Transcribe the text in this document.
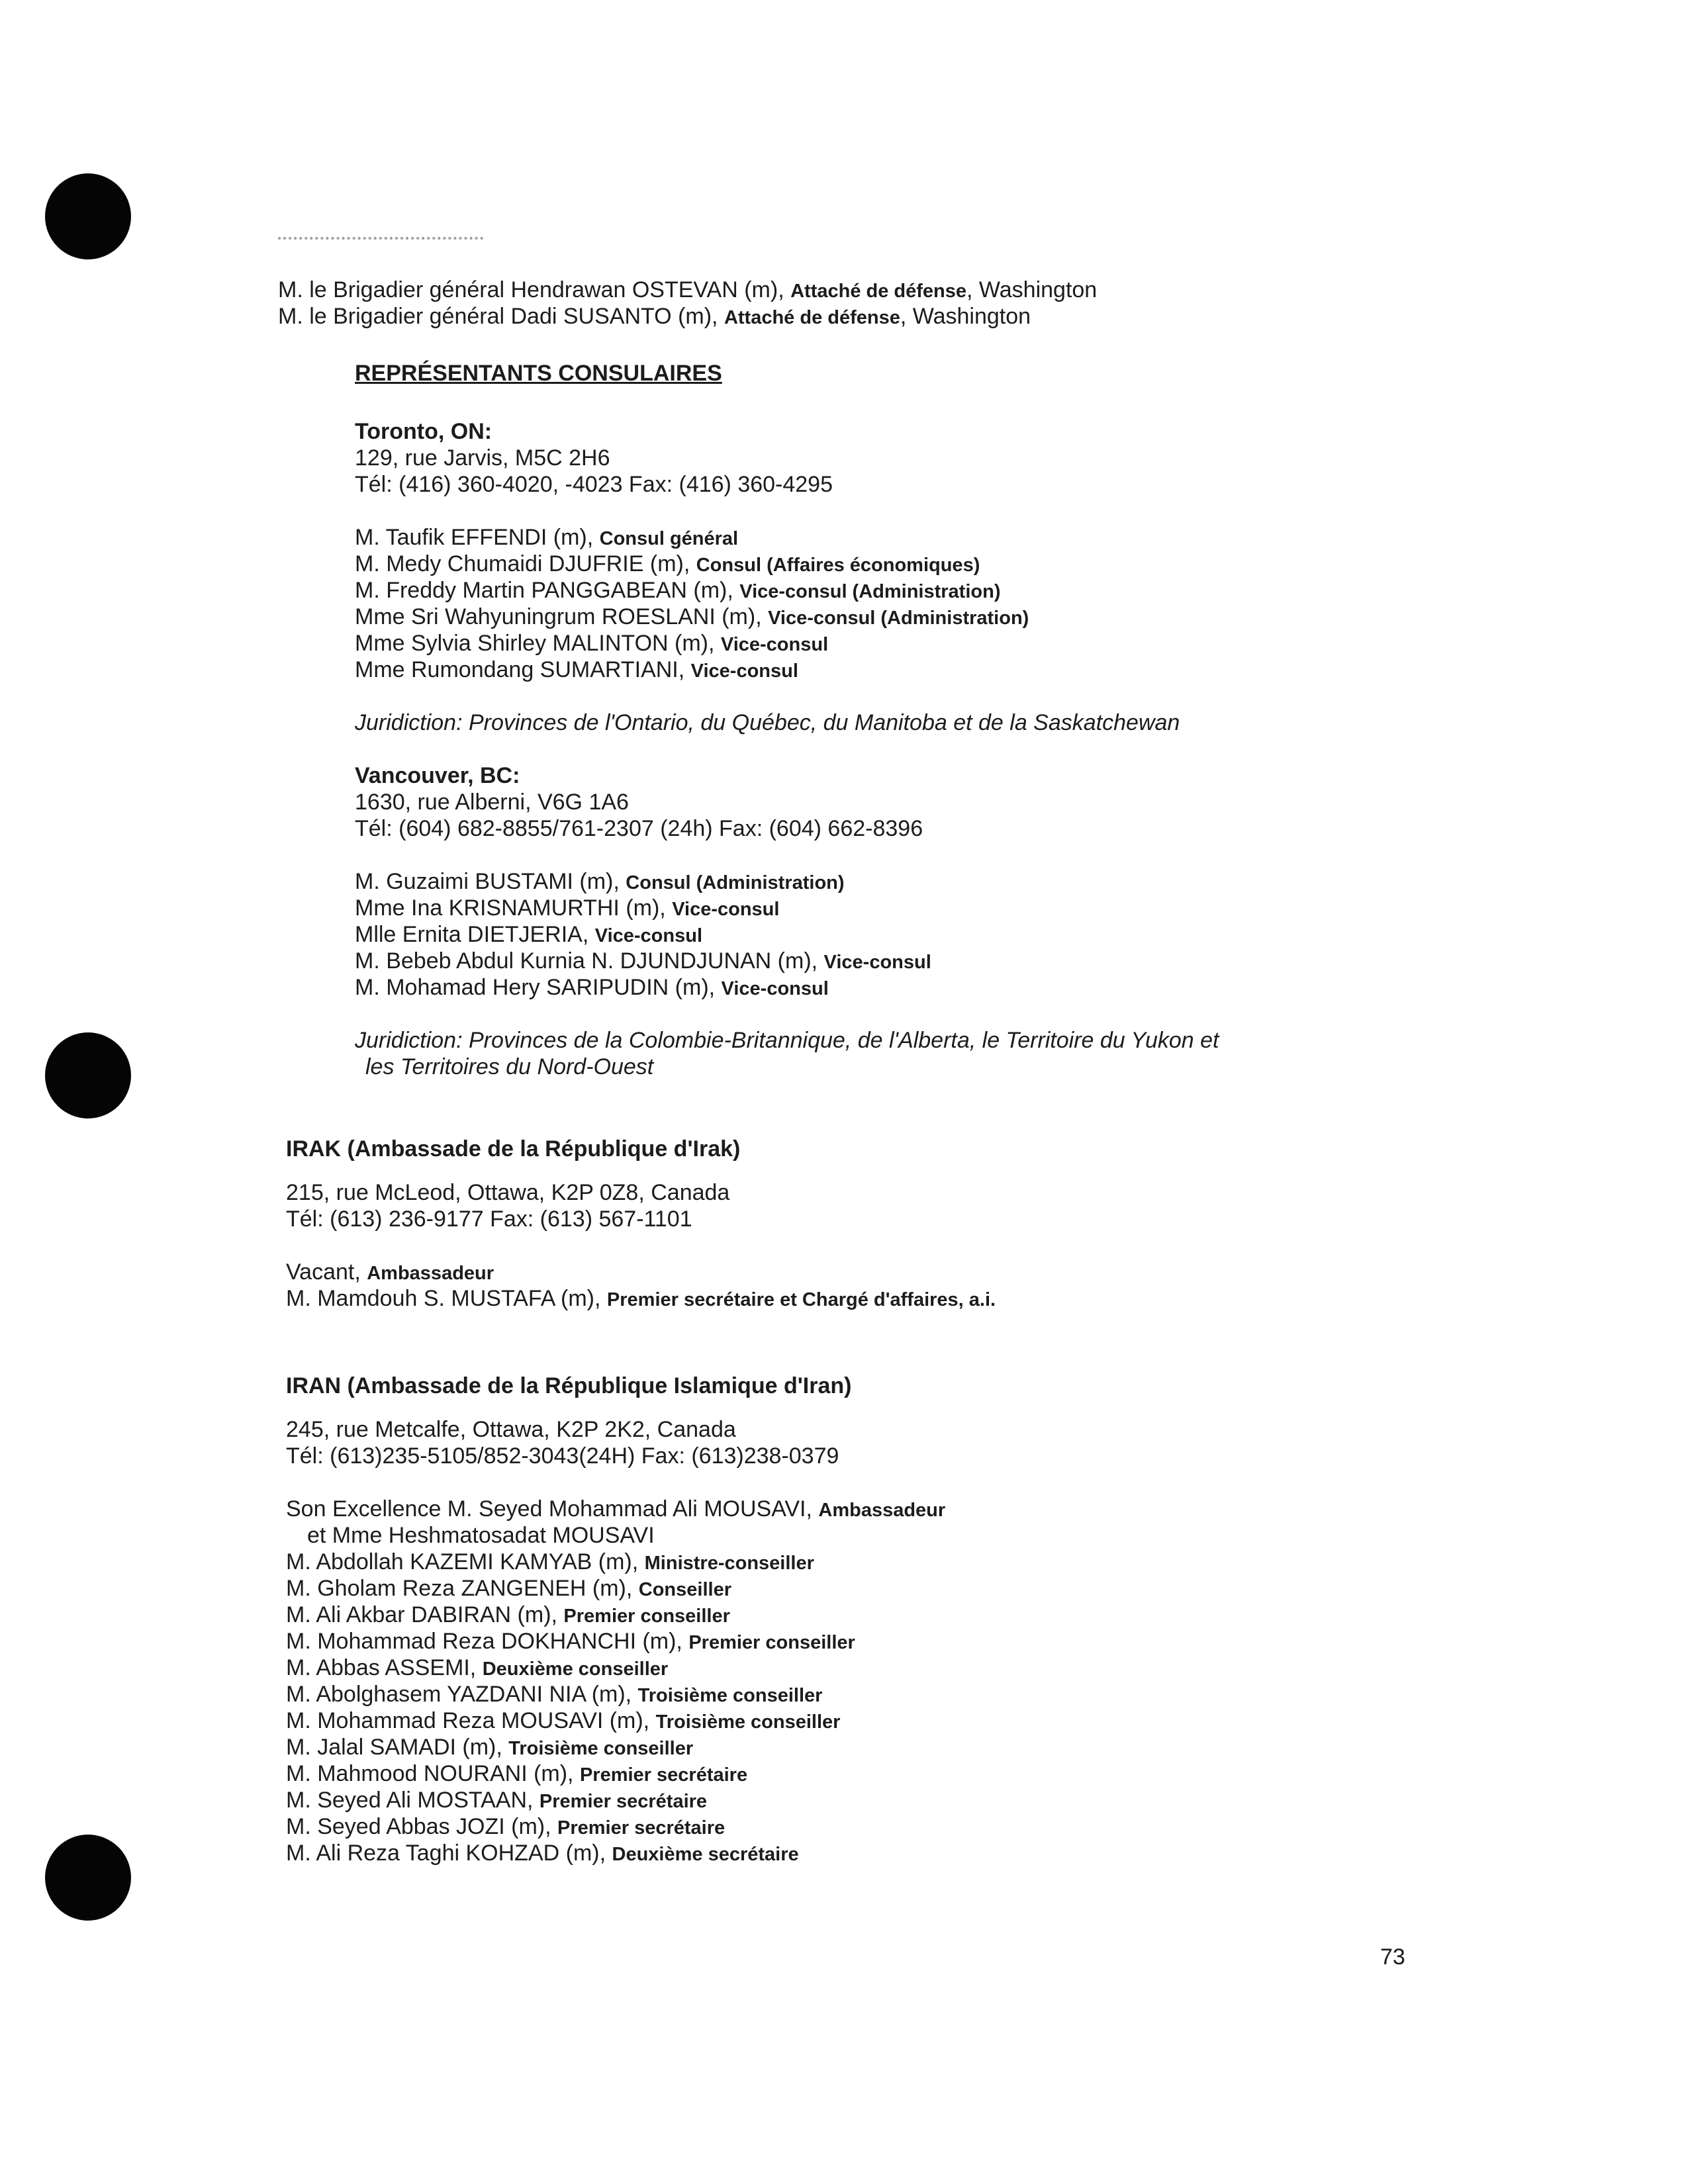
M. le Brigadier général Hendrawan OSTEVAN (m), Attaché de défense, Washington
M. le Brigadier général Dadi SUSANTO (m), Attaché de défense, Washington
REPRÉSENTANTS CONSULAIRES
Toronto, ON:
129, rue Jarvis, M5C 2H6
Tél: (416) 360-4020, -4023 Fax: (416) 360-4295
M. Taufik EFFENDI (m), Consul général
M. Medy Chumaidi DJUFRIE (m), Consul (Affaires économiques)
M. Freddy Martin PANGGABEAN (m), Vice-consul (Administration)
Mme Sri Wahyuningrum ROESLANI (m), Vice-consul (Administration)
Mme Sylvia Shirley MALINTON (m), Vice-consul
Mme Rumondang SUMARTIANI, Vice-consul
Juridiction: Provinces de l'Ontario, du Québec, du Manitoba et de la Saskatchewan
Vancouver, BC:
1630, rue Alberni, V6G 1A6
Tél: (604) 682-8855/761-2307 (24h) Fax: (604) 662-8396
M. Guzaimi BUSTAMI (m), Consul (Administration)
Mme Ina KRISNAMURTHI (m), Vice-consul
Mlle Ernita DIETJERIA, Vice-consul
M. Bebeb Abdul Kurnia N. DJUNDJUNAN (m), Vice-consul
M. Mohamad Hery SARIPUDIN (m), Vice-consul
Juridiction: Provinces de la Colombie-Britannique, de l'Alberta, le Territoire du Yukon et
les Territoires du Nord-Ouest
IRAK (Ambassade de la République d'Irak)
215, rue McLeod, Ottawa, K2P 0Z8, Canada
Tél: (613) 236-9177 Fax: (613) 567-1101
Vacant, Ambassadeur
M. Mamdouh S. MUSTAFA (m), Premier secrétaire et Chargé d'affaires, a.i.
IRAN (Ambassade de la République Islamique d'Iran)
245, rue Metcalfe, Ottawa, K2P 2K2, Canada
Tél: (613)235-5105/852-3043(24H) Fax: (613)238-0379
Son Excellence M. Seyed Mohammad Ali MOUSAVI, Ambassadeur
et Mme Heshmatosadat MOUSAVI
M. Abdollah KAZEMI KAMYAB (m), Ministre-conseiller
M. Gholam Reza ZANGENEH (m), Conseiller
M. Ali Akbar DABIRAN (m), Premier conseiller
M. Mohammad Reza DOKHANCHI (m), Premier conseiller
M. Abbas ASSEMI, Deuxième conseiller
M. Abolghasem YAZDANI NIA (m), Troisième conseiller
M. Mohammad Reza MOUSAVI (m), Troisième conseiller
M. Jalal SAMADI (m), Troisième conseiller
M. Mahmood NOURANI (m), Premier secrétaire
M. Seyed Ali MOSTAAN, Premier secrétaire
M. Seyed Abbas JOZI (m), Premier secrétaire
M. Ali Reza Taghi KOHZAD (m), Deuxième secrétaire
73
